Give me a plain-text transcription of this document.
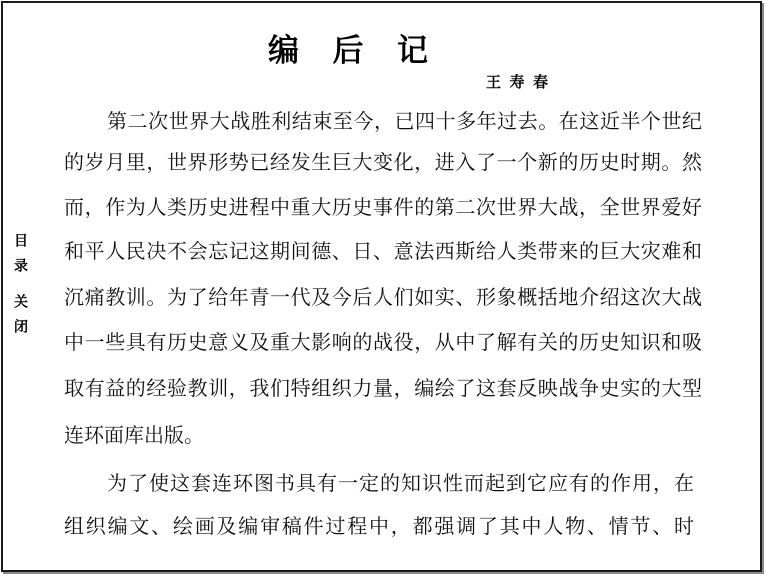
编 后 记
王寿春
目录
关闭
第二次世界大战胜利结束至今，已四十多年过去。在这近半个世纪
的岁月里，世界形势已经发生巨大变化，进入了一个新的历史时期。然
而，作为人类历史进程中重大历史事件的第二次世界大战，全世界爱好
和平人民决不会忘记这期间德、日、意法西斯给人类带来的巨大灾难和
沉痛教训。为了给年青一代及今后人们如实、形象概括地介绍这次大战
中一些具有历史意义及重大影响的战役，从中了解有关的历史知识和吸
取有益的经验教训，我们特组织力量，编绘了这套反映战争史实的大型
连环面库出版。
为了使这套连环图书具有一定的知识性而起到它应有的作用，在
组织编文、绘画及编审稿件过程中，都强调了其中人物、情节、时
